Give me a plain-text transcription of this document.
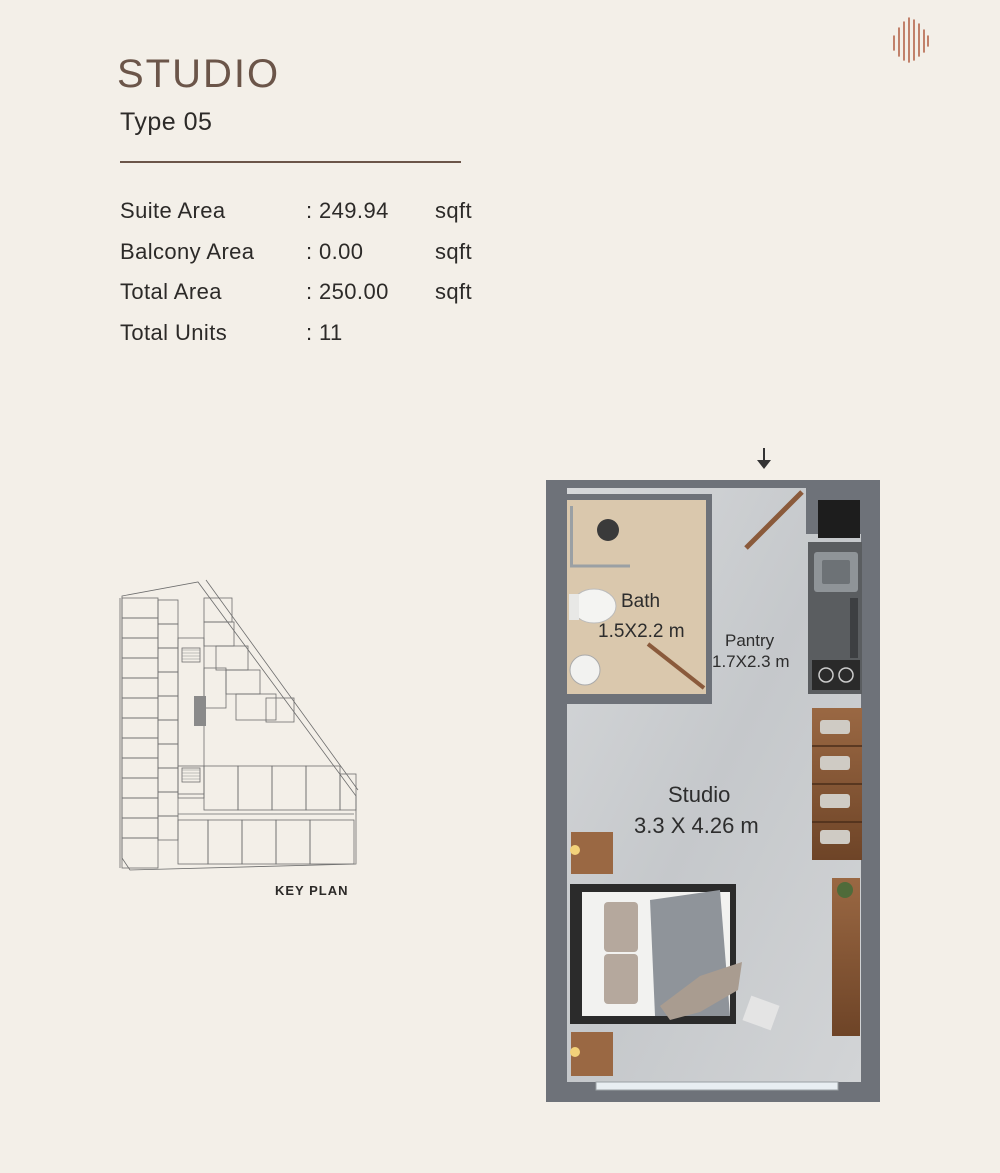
STUDIO
Type 05
Suite Area	: 249.94 sqft
Balcony Area : 0.00	sqft
Total Area	: 250.00 sqft
Total Units	: 11
KEY PLAN
Bath
1.5X2.2 m Pantry
1.7X2.3 m
Studio
3.3 X 4.26 m
